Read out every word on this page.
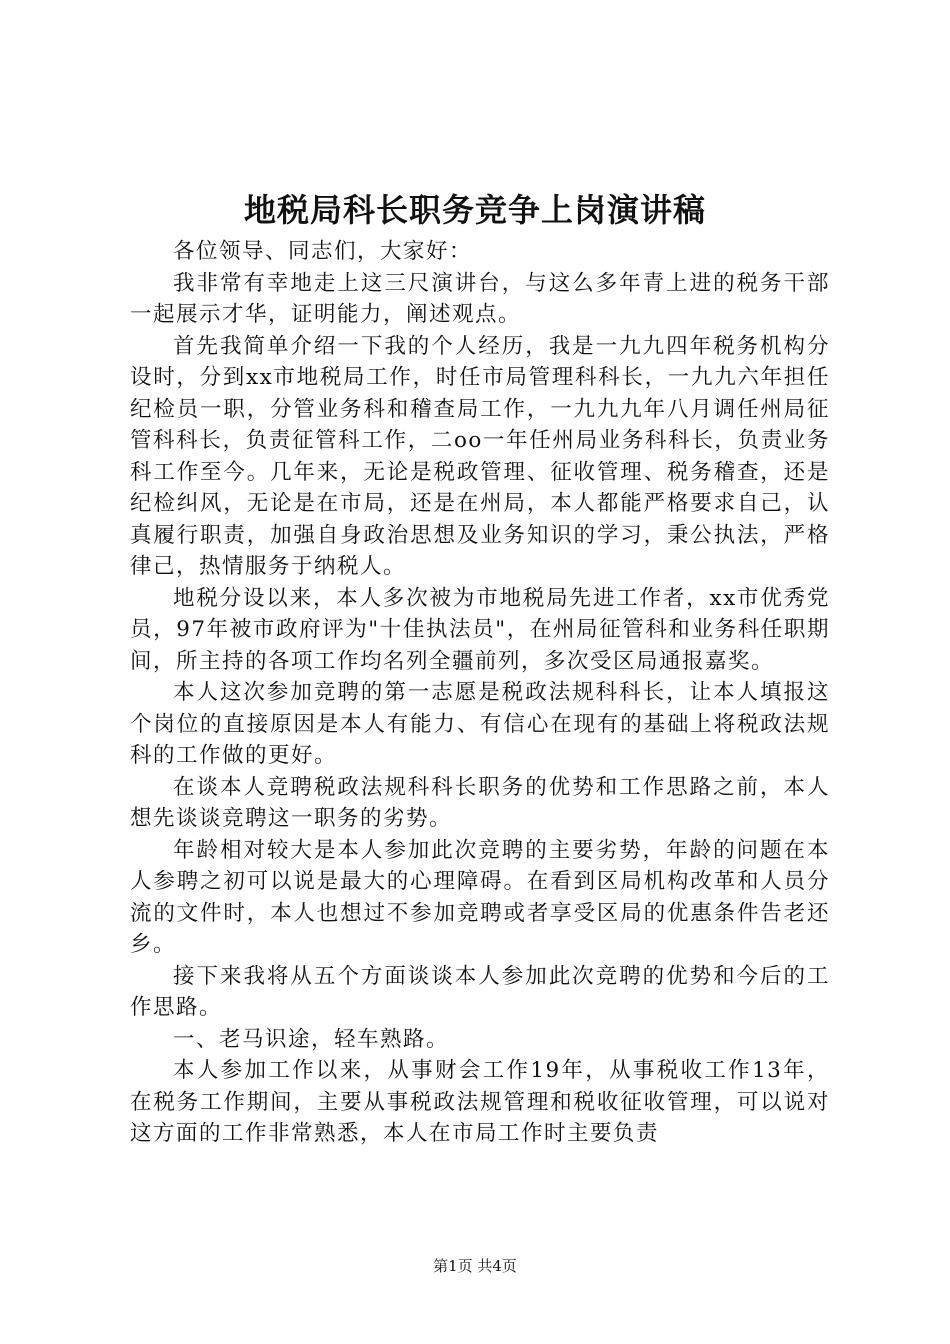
地税局科长职务竞争上岗演讲稿

各位领导、同志们，大家好：

我非常有幸地走上这三尺演讲台，与这么多年青上进的税务干部一起展示才华，证明能力，阐述观点。

首先我简单介绍一下我的个人经历，我是一九九四年税务机构分设时，分到xx市地税局工作，时任市局管理科科长，一九九六年担任纪检员一职，分管业务科和稽查局工作，一九九九年八月调任州局征管科科长，负责征管科工作，二oo一年任州局业务科科长，负责业务科工作至今。几年来，无论是税政管理、征收管理、税务稽查，还是纪检纠风，无论是在市局，还是在州局，本人都能严格要求自己，认真履行职责，加强自身政治思想及业务知识的学习，秉公执法，严格律己，热情服务于纳税人。

地税分设以来，本人多次被为市地税局先进工作者，xx市优秀党员，97年被市政府评为"十佳执法员"，在州局征管科和业务科任职期间，所主持的各项工作均名列全疆前列，多次受区局通报嘉奖。

本人这次参加竞聘的第一志愿是税政法规科科长，让本人填报这个岗位的直接原因是本人有能力、有信心在现有的基础上将税政法规科的工作做的更好。

在谈本人竞聘税政法规科科长职务的优势和工作思路之前，本人想先谈谈竞聘这一职务的劣势。

年龄相对较大是本人参加此次竞聘的主要劣势，年龄的问题在本人参聘之初可以说是最大的心理障碍。在看到区局机构改革和人员分流的文件时，本人也想过不参加竞聘或者享受区局的优惠条件告老还乡。

接下来我将从五个方面谈谈本人参加此次竞聘的优势和今后的工作思路。

一、老马识途，轻车熟路。

本人参加工作以来，从事财会工作19年，从事税收工作13年，在税务工作期间，主要从事税政法规管理和税收征收管理，可以说对这方面的工作非常熟悉，本人在市局工作时主要负责

第1页 共4页
